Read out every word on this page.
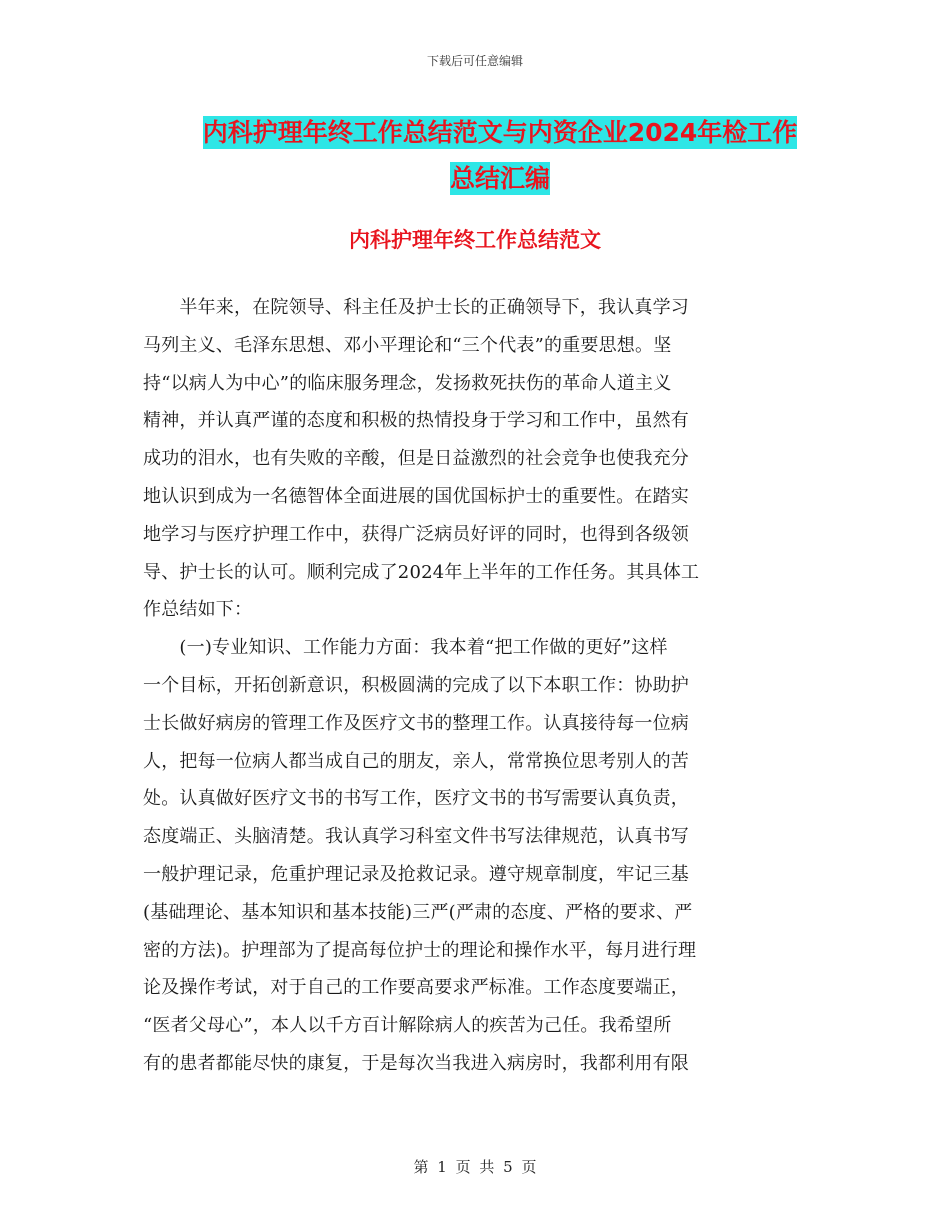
下载后可任意编辑
内科护理年终工作总结范文与内资企业2024年检工作
总结汇编
内科护理年终工作总结范文
　　半年来，在院领导、科主任及护士长的正确领导下，我认真学习
马列主义、毛泽东思想、邓小平理论和“三个代表”的重要思想。坚
持“以病人为中心”的临床服务理念，发扬救死扶伤的革命人道主义
精神，并认真严谨的态度和积极的热情投身于学习和工作中，虽然有
成功的泪水，也有失败的辛酸，但是日益激烈的社会竞争也使我充分
地认识到成为一名德智体全面进展的国优国标护士的重要性。在踏实
地学习与医疗护理工作中，获得广泛病员好评的同时，也得到各级领
导、护士长的认可。顺利完成了2024年上半年的工作任务。其具体工
作总结如下：
　　(一)专业知识、工作能力方面：我本着“把工作做的更好”这样
一个目标，开拓创新意识，积极圆满的完成了以下本职工作：协助护
士长做好病房的管理工作及医疗文书的整理工作。认真接待每一位病
人，把每一位病人都当成自己的朋友，亲人，常常换位思考别人的苦
处。认真做好医疗文书的书写工作，医疗文书的书写需要认真负责，
态度端正、头脑清楚。我认真学习科室文件书写法律规范，认真书写
一般护理记录，危重护理记录及抢救记录。遵守规章制度，牢记三基
(基础理论、基本知识和基本技能)三严(严肃的态度、严格的要求、严
密的方法)。护理部为了提高每位护士的理论和操作水平，每月进行理
论及操作考试，对于自己的工作要高要求严标准。工作态度要端正，
“医者父母心”，本人以千方百计解除病人的疾苦为己任。我希望所
有的患者都能尽快的康复，于是每次当我进入病房时，我都利用有限
第 1 页 共 5 页
